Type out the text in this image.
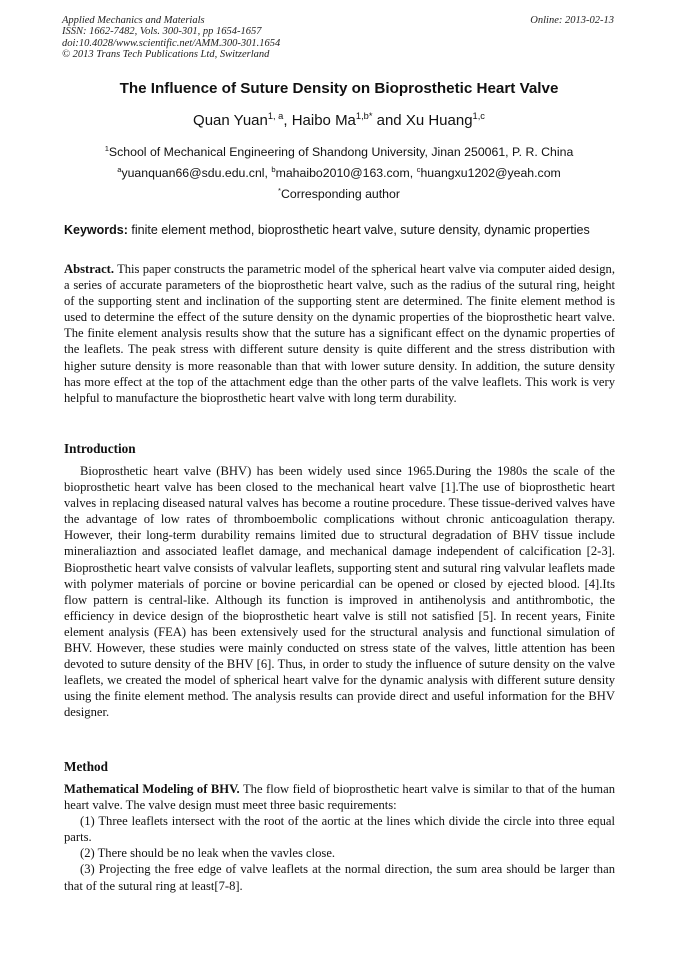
Applied Mechanics and Materials
ISSN: 1662-7482, Vols. 300-301, pp 1654-1657
doi:10.4028/www.scientific.net/AMM.300-301.1654
© 2013 Trans Tech Publications Ltd, Switzerland
Online: 2013-02-13
The Influence of Suture Density on Bioprosthetic Heart Valve
Quan Yuan$^{1, a}$, Haibo $Ma^{1,b*}$ and Xu Huang$^{1,c}$
$^1$School of Mechanical Engineering of Shandong University, Jinan 250061, P. R. China
$^a$yuanquan66@sdu.edu.cnl, $^b$mahaibo2010@163.com, $^c$huangxu1202@yeah.com
*Corresponding author
Keywords: finite element method, bioprosthetic heart valve, suture density, dynamic properties

Abstract. This paper constructs the parametric model of the spherical heart valve via computer aided design, a series of accurate parameters of the bioprosthetic heart valve, such as the radius of the sutural ring, height of the supporting stent and inclination of the supporting stent are determined. The finite element method is used to determine the effect of the suture density on the dynamic properties of the bioprosthetic heart valve. The finite element analysis results show that the suture has a significant effect on the dynamic properties of the leaflets. The peak stress with different suture density is quite different and the stress distribution with higher suture density is more reasonable than that with lower suture density. In addition, the suture density has more effect at the top of the attachment edge than the other parts of the valve leaflets. This work is very helpful to manufacture the bioprosthetic heart valve with long term durability.

Introduction

Bioprosthetic heart valve (BHV) has been widely used since 1965.During the 1980s the scale of the bioprosthetic heart valve has been closed to the mechanical heart valve [1].The use of bioprosthetic heart valves in replacing diseased natural valves has become a routine procedure. These tissue-derived valves have the advantage of low rates of thromboembolic complications without chronic anticoagulation therapy. However, their long-term durability remains limited due to structural degradation of BHV tissue include mineraliaztion and associated leaflet damage, and mechanical damage independent of calcification [2-3]. Bioprosthetic heart valve consists of valvular leaflets, supporting stent and sutural ring valvular leaflets made with polymer materials of porcine or bovine pericardial can be opened or closed by ejected blood. [4].Its flow pattern is central-like. Although its function is improved in antihenolysis and antithrombotic, the efficiency in device design of the bioprosthetic heart valve is still not satisfied [5]. In recent years, Finite element analysis (FEA) has been extensively used for the structural analysis and functional simulation of BHV. However, these studies were mainly conducted on stress state of the valves, little attention has been devoted to suture density of the BHV [6]. Thus, in order to study the influence of suture density on the valve leaflets, we created the model of spherical heart valve for the dynamic analysis with different suture density using the finite element method. The analysis results can provide direct and useful information for the BHV designer.

Method

Mathematical Modeling of BHV. The flow field of bioprosthetic heart valve is similar to that of the human heart valve. The valve design must meet three basic requirements:

(1) Three leaflets intersect with the root of the aortic at the lines which divide the circle into three equal parts.

(2) There should be no leak when the vavles close.

(3) Projecting the free edge of valve leaflets at the normal direction, the sum area should be larger than that of the sutural ring at least[7-8].
